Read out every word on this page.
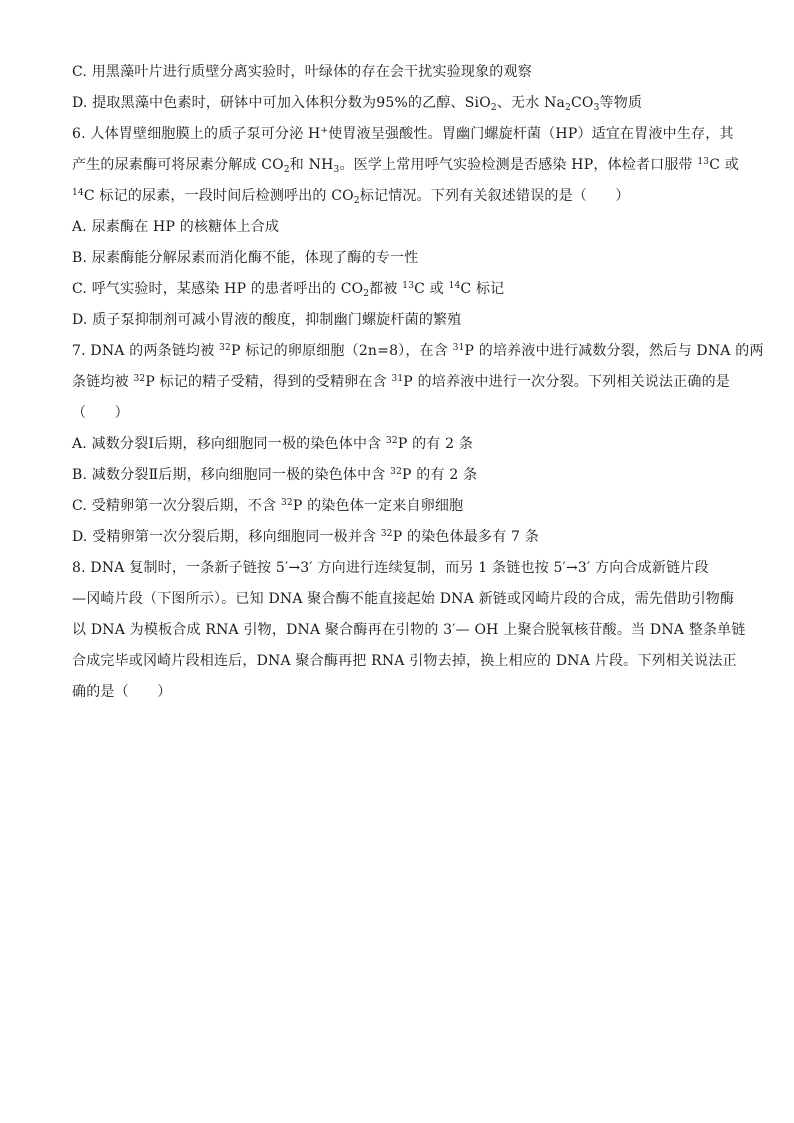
C. 用黑藻叶片进行质壁分离实验时，叶绿体的存在会干扰实验现象的观察
D. 提取黑藻中色素时，研钵中可加入体积分数为95%的乙醇、SiO$_2$、无水 $Na_2CO_3$等物质
6. 人体胃壁细胞膜上的质子泵可分泌 H+使胃液呈强酸性。胃幽门螺旋杆菌（HP）适宜在胃液中生存，其
产生的尿素酶可将尿素分解成 $CO_2$和 $NH_3$。医学上常用呼气实验检测是否感染 HP，体检者口服带 $^{13}$C 或
$^{14}$C 标记的尿素，一段时间后检测呼出的 $CO_2$标记情况。下列有关叙述错误的是（　　）
A. 尿素酶在 HP 的核糖体上合成
B. 尿素酶能分解尿素而消化酶不能，体现了酶的专一性
C. 呼气实验时，某感染 HP 的患者呼出的 $CO_2$都被 $^{13}$C 或 $^{14}$C 标记
D. 质子泵抑制剂可减小胃液的酸度，抑制幽门螺旋杆菌的繁殖
7. DNA 的两条链均被 $^{32}$P 标记的卵原细胞（2n=8），在含 $^{31}$P 的培养液中进行减数分裂，然后与 DNA 的两
条链均被 $^{32}$P 标记的精子受精，得到的受精卵在含 $^{31}$P 的培养液中进行一次分裂。下列相关说法正确的是
（　　）
A. 减数分裂Ⅰ后期，移向细胞同一极的染色体中含 $^{32}$P 的有 2 条
B. 减数分裂Ⅱ后期，移向细胞同一极的染色体中含 $^{32}$P 的有 2 条
C. 受精卵第一次分裂后期，不含 $^{32}$P 的染色体一定来自卵细胞
D. 受精卵第一次分裂后期，移向细胞同一极并含 $^{32}$P 的染色体最多有 7 条
8. DNA 复制时，一条新子链按 5′→3′ 方向进行连续复制，而另 1 条链也按 5′→3′ 方向合成新链片段
—冈崎片段（下图所示）。已知 DNA 聚合酶不能直接起始 DNA 新链或冈崎片段的合成，需先借助引物酶
以 DNA 为模板合成 RNA 引物，DNA 聚合酶再在引物的 3′— OH 上聚合脱氧核苷酸。当 DNA 整条单链
合成完毕或冈崎片段相连后，DNA 聚合酶再把 RNA 引物去掉，换上相应的 DNA 片段。下列相关说法正
确的是（　　）
